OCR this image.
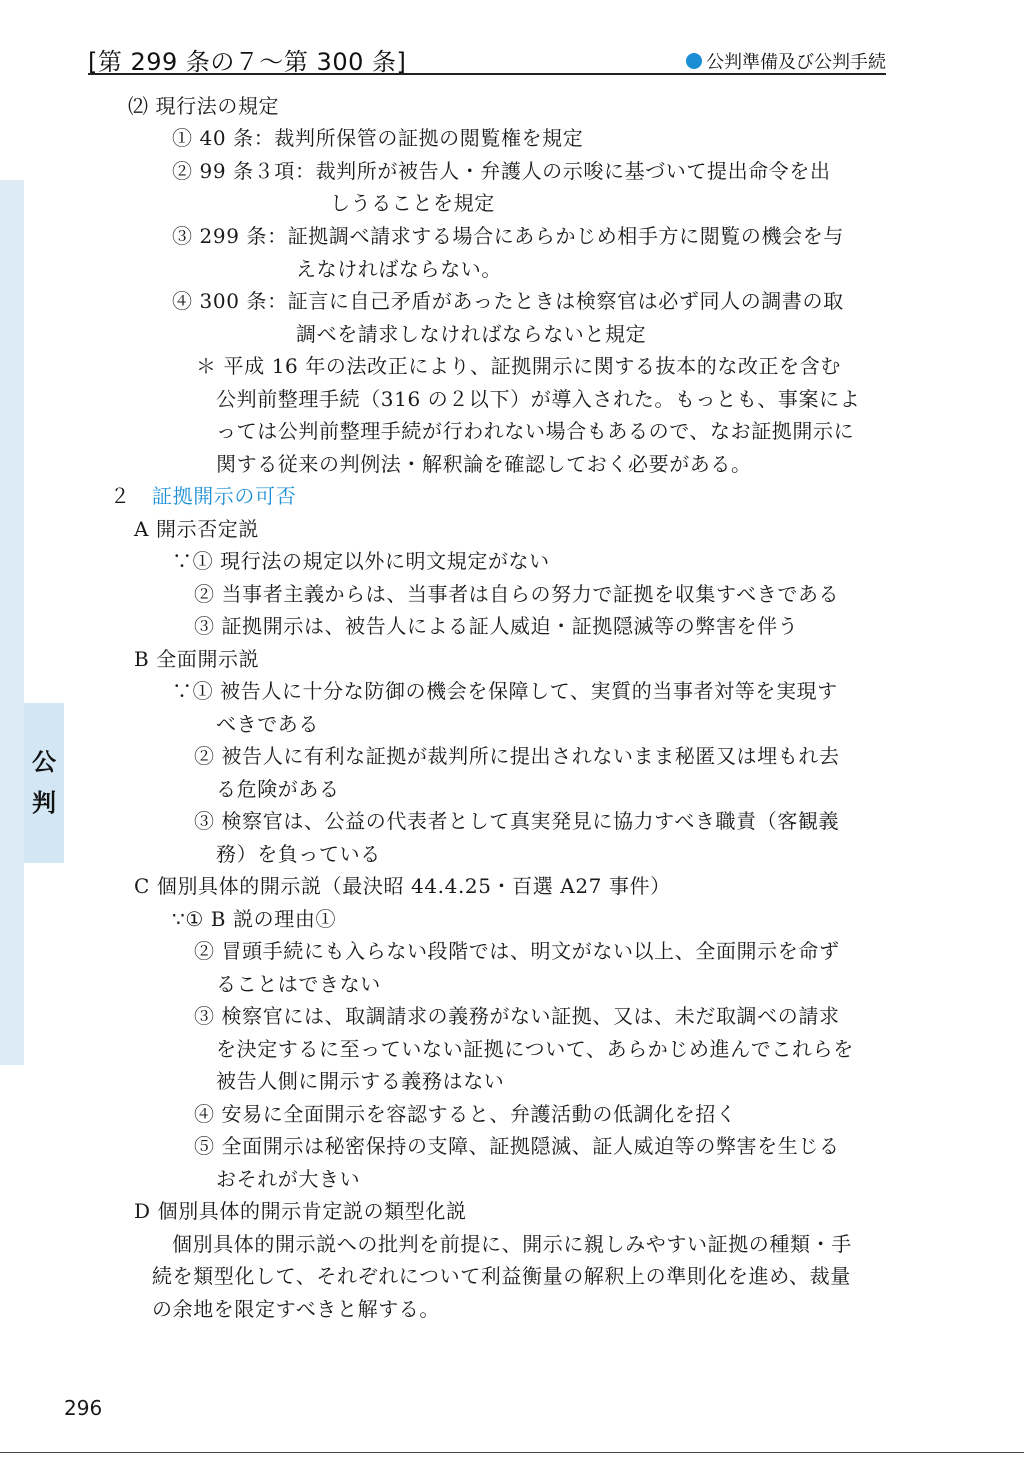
[第 299 条の７～第 300 条]	公判準備及び公判手続
公
判
⑵ 現行法の規定
① 40 条：裁判所保管の証拠の閲覧権を規定
② 99 条３項：裁判所が被告人・弁護人の示唆に基づいて提出命令を出
しうることを規定
③ 299 条：証拠調べ請求する場合にあらかじめ相手方に閲覧の機会を与
えなければならない。
④ 300 条：証言に自己矛盾があったときは検察官は必ず同人の調書の取
調べを請求しなければならないと規定
＊ 平成 16 年の法改正により、証拠開示に関する抜本的な改正を含む
公判前整理手続（316 の２以下）が導入された。もっとも、事案によ
っては公判前整理手続が行われない場合もあるので、なお証拠開示に
関する従来の判例法・解釈論を確認しておく必要がある。
２ 証拠開示の可否
A 開示否定説
∵① 現行法の規定以外に明文規定がない
② 当事者主義からは、当事者は自らの努力で証拠を収集すべきである
③ 証拠開示は、被告人による証人威迫・証拠隠滅等の弊害を伴う
B 全面開示説
∵① 被告人に十分な防御の機会を保障して、実質的当事者対等を実現す
べきである
② 被告人に有利な証拠が裁判所に提出されないまま秘匿又は埋もれ去
る危険がある
③ 検察官は、公益の代表者として真実発見に協力すべき職責（客観義
務）を負っている
C 個別具体的開示説（最決昭 44.4.25・百選 A27 事件）
∵① B 説の理由①
② 冒頭手続にも入らない段階では、明文がない以上、全面開示を命ず
ることはできない
③ 検察官には、取調請求の義務がない証拠、又は、未だ取調べの請求
を決定するに至っていない証拠について、あらかじめ進んでこれらを
被告人側に開示する義務はない
④ 安易に全面開示を容認すると、弁護活動の低調化を招く
⑤ 全面開示は秘密保持の支障、証拠隠滅、証人威迫等の弊害を生じる
おそれが大きい
D 個別具体的開示肯定説の類型化説
個別具体的開示説への批判を前提に、開示に親しみやすい証拠の種類・手
続を類型化して、それぞれについて利益衡量の解釈上の準則化を進め、裁量
の余地を限定すべきと解する。
296
